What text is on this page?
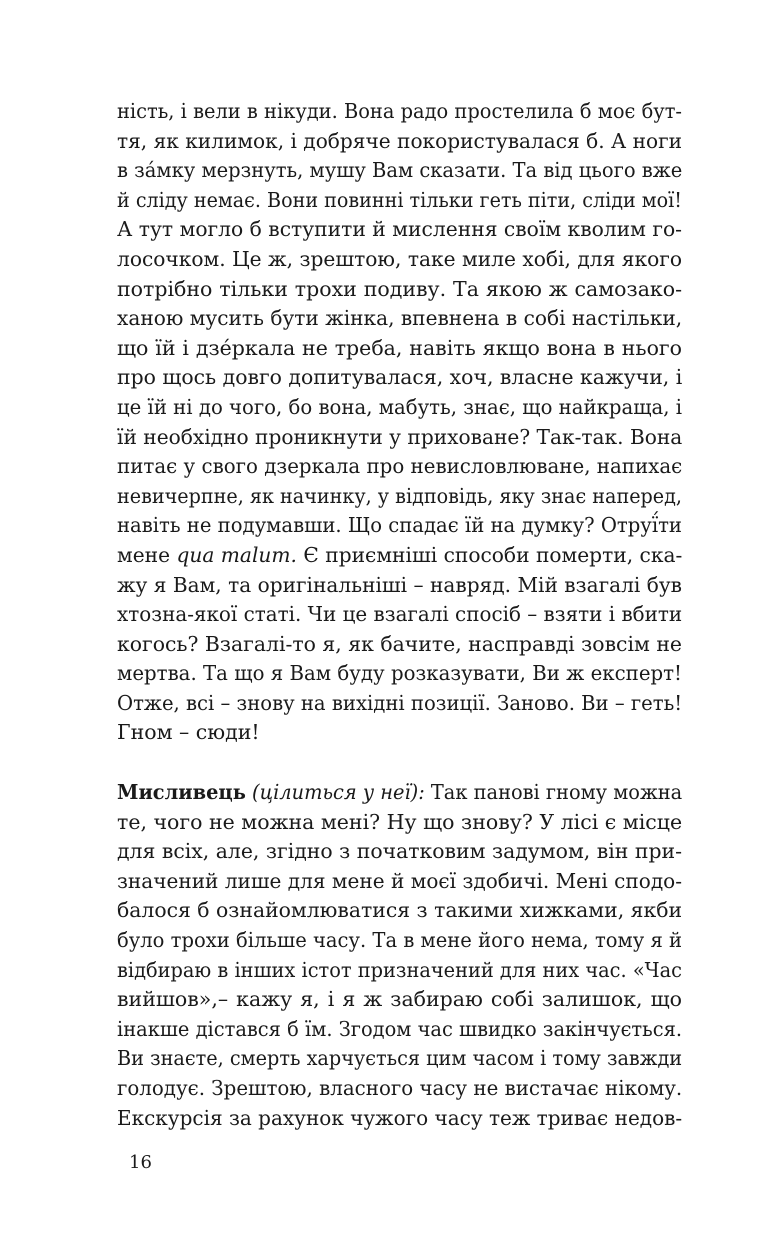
ність, і вели в нікуди. Вона радо простелила б моє бут-
тя, як килимок, і добряче покористувалася б. А ноги
в за́мку мерзнуть, мушу Вам сказати. Та від цього вже
й сліду немає. Вони повинні тільки геть піти, сліди мої!
А тут могло б вступити й мислення своїм кволим го-
лосочком. Це ж, зрештою, таке миле хобі, для якого
потрібно тільки трохи подиву. Та якою ж самозако-
ханою мусить бути жінка, впевнена в собі настільки,
що їй і дзе́ркала не треба, навіть якщо вона в нього
про щось довго допитувалася, хоч, власне кажучи, і
це їй ні до чого, бо вона, мабуть, знає, що найкраща, і
їй необхідно проникнути у приховане? Так-так. Вона
питає у свого дзеркала про невисловлюване, напихає
невичерпне, як начинку, у відповідь, яку знає наперед,
навіть не подумавши. Що спадає їй на думку? Отруї́ти
мене qua malum. Є приємніші способи померти, ска-
жу я Вам, та оригінальніші – навряд. Мій взагалі був
хтозна-якої статі. Чи це взагалі спосіб – взяти і вбити
когось? Взагалі-то я, як бачите, насправді зовсім не
мертва. Та що я Вам буду розказувати, Ви ж експерт!
Отже, всі – знову на вихідні позиції. Заново. Ви – геть!
Гном – сюди!
Мисливець (цілиться у неї): Так панові гному можна
те, чого не можна мені? Ну що знову? У лісі є місце
для всіх, але, згідно з початковим задумом, він при-
значений лише для мене й моєї здобичі. Мені сподо-
балося б ознайомлюватися з такими хижками, якби
було трохи більше часу. Та в мене його нема, тому я й
відбираю в інших істот призначений для них час. «Час
вийшов»,– кажу я, і я ж забираю собі залишок, що
інакше дістався б їм. Згодом час швидко закінчується.
Ви знаєте, смерть харчується цим часом і тому завжди
голодує. Зрештою, власного часу не вистачає нікому.
Екскурсія за рахунок чужого часу теж триває недов-
16
